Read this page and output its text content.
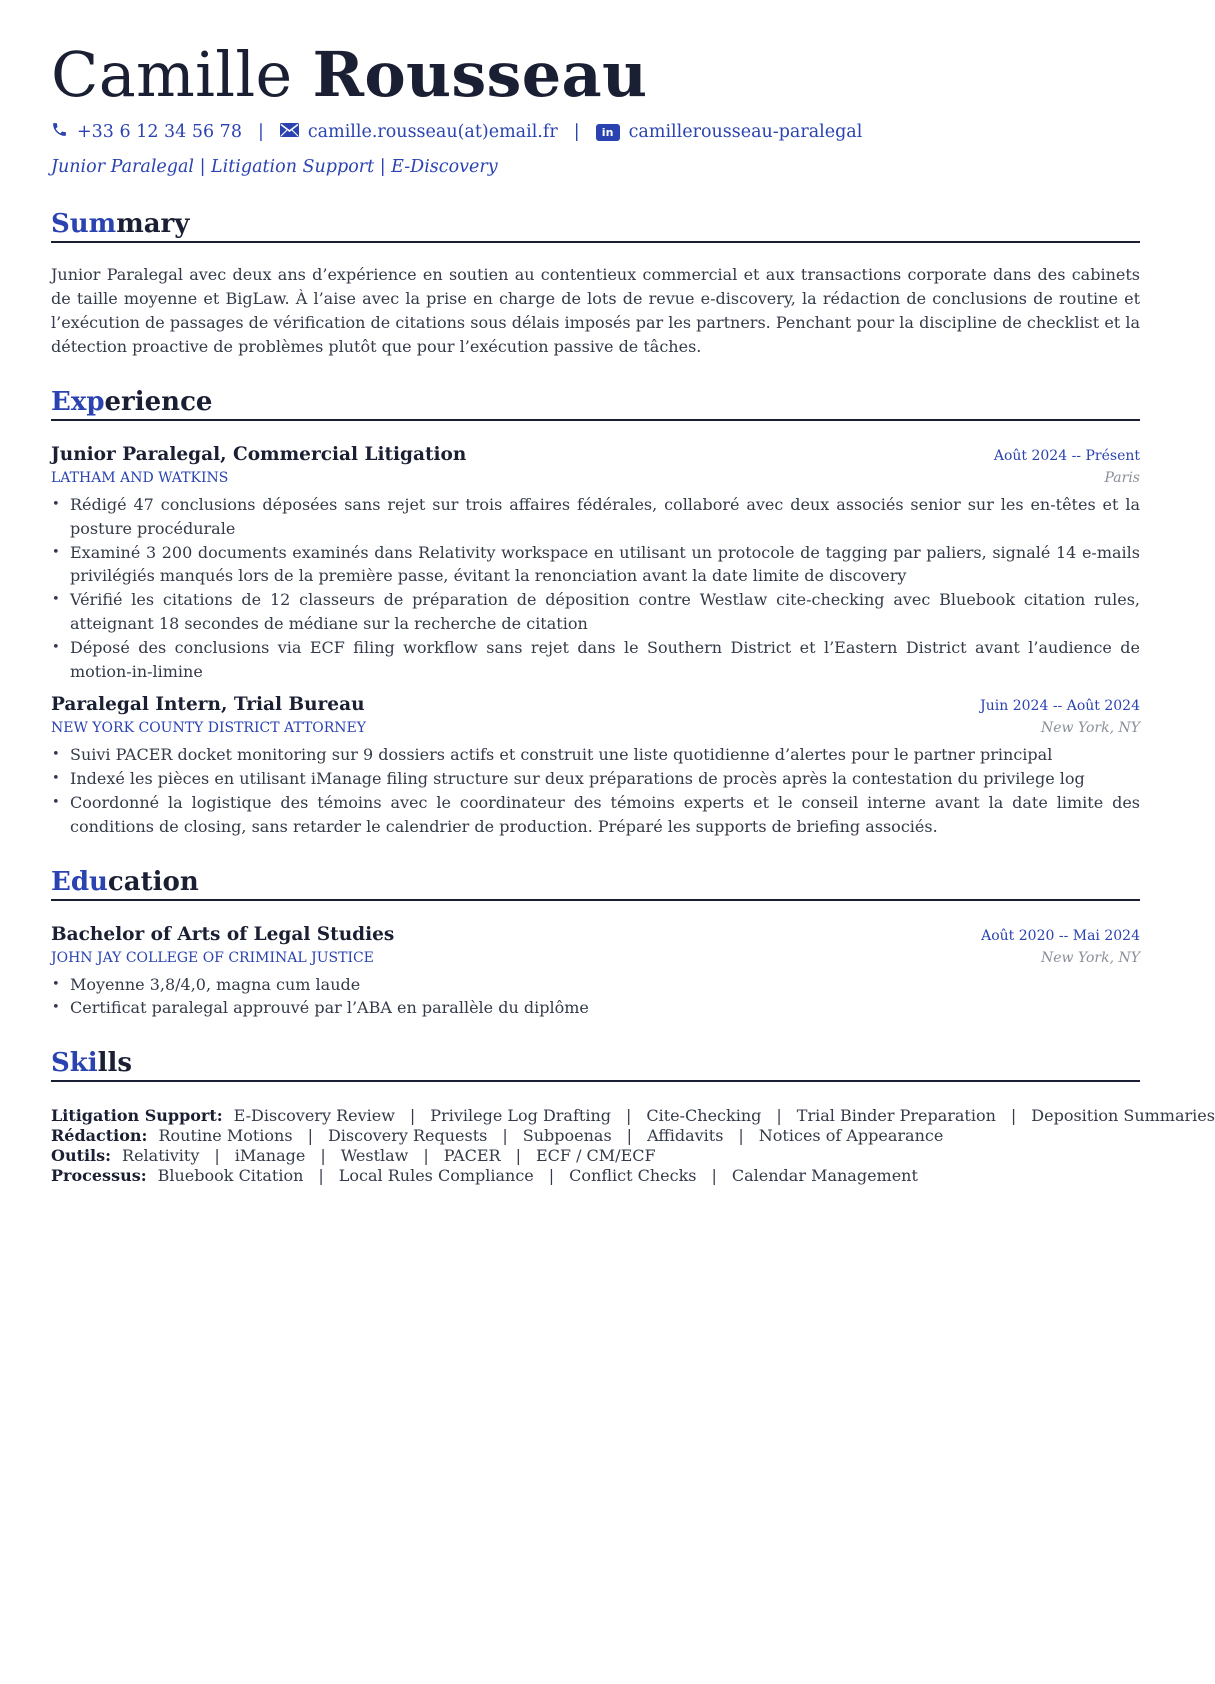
Camille Rousseau
+33 6 12 34 56 78 |	camille.rousseau(at)email.fr |	in camillerousseau-paralegal
Junior Paralegal | Litigation Support | E-Discovery
Summary
Junior Paralegal avec deux ans d’expérience en soutien au contentieux commercial et aux transactions corporate dans des cabinets de taille moyenne et BigLaw. À l’aise avec la prise en charge de lots de revue e-discovery, la rédaction de conclusions de routine et l’exécution de passages de vérification de citations sous délais imposés par les partners. Penchant pour la discipline de checklist et la détection proactive de problèmes plutôt que pour l’exécution passive de tâches.
Experience
Junior Paralegal, Commercial Litigation	Août 2024 -- Présent
LATHAM AND WATKINS	Paris
• Rédigé 47 conclusions déposées sans rejet sur trois affaires fédérales, collaboré avec deux associés senior sur les en-têtes et la posture procédurale
• Examiné 3 200 documents examinés dans Relativity workspace en utilisant un protocole de tagging par paliers, signalé 14 e-mails privilégiés manqués lors de la première passe, évitant la renonciation avant la date limite de discovery
• Vérifié les citations de 12 classeurs de préparation de déposition contre Westlaw cite-checking avec Bluebook citation rules, atteignant 18 secondes de médiane sur la recherche de citation
• Déposé des conclusions via ECF filing workflow sans rejet dans le Southern District et l’Eastern District avant l’audience de motion-in-limine
Paralegal Intern, Trial Bureau	Juin 2024 -- Août 2024
NEW YORK COUNTY DISTRICT ATTORNEY	New York, NY
• Suivi PACER docket monitoring sur 9 dossiers actifs et construit une liste quotidienne d’alertes pour le partner principal
• Indexé les pièces en utilisant iManage filing structure sur deux préparations de procès après la contestation du privilege log
• Coordonné la logistique des témoins avec le coordinateur des témoins experts et le conseil interne avant la date limite des conditions de closing, sans retarder le calendrier de production. Préparé les supports de briefing associés.
Education
Bachelor of Arts of Legal Studies	Août 2020 -- Mai 2024
JOHN JAY COLLEGE OF CRIMINAL JUSTICE	New York, NY
• Moyenne 3,8/4,0, magna cum laude
• Certificat paralegal approuvé par l’ABA en parallèle du diplôme
Skills
Litigation Support: E-Discovery Review | Privilege Log Drafting | Cite-Checking | Trial Binder Preparation | Deposition Summaries
Rédaction: Routine Motions | Discovery Requests | Subpoenas | Affidavits | Notices of Appearance
Outils: Relativity | iManage | Westlaw | PACER | ECF / CM/ECF
Processus: Bluebook Citation | Local Rules Compliance | Conflict Checks | Calendar Management
